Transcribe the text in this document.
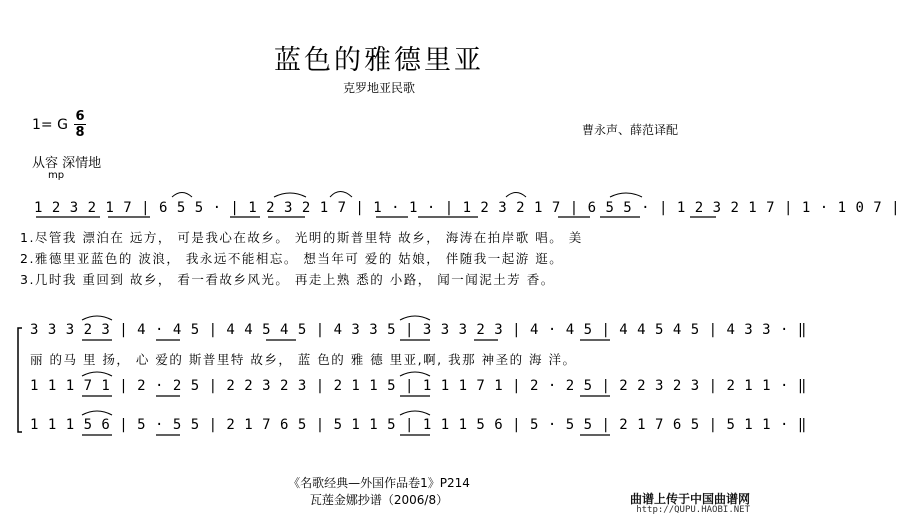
蓝色的雅德里亚
克罗地亚民歌
1= G
6
8	曹永声、薛范译配
从容 深情地
mp
1 2 3 2 1 7 | 6 5 5 · | 1 2 3 2 1 7 | 1 · 1 · | 1 2 3 2 1 7 | 6 5 5 · | 1 2 3 2 1 7 | 1 · 1 0 7 |
1.尽管我 漂泊在 远方， 可是我心在故乡。 光明的斯普里特 故乡， 海涛在拍岸歌 唱。 美
2.雅德里亚蓝色的 波浪， 我永远不能相忘。 想当年可 爱的 姑娘， 伴随我一起游 逛。
3.几时我 重回到 故乡， 看一看故乡风光。 再走上熟 悉的 小路， 闻一闻泥土芳 香。
3 3 3 2 3 | 4 · 4 5 | 4 4 5 4 5 | 4 3 3 5 | 3 3 3 2 3 | 4 · 4 5 | 4 4 5 4 5 | 4 3 3 · ‖
丽 的马 里 扬， 心 爱的 斯普里特 故乡， 蓝 色的 雅 德 里亚,啊, 我那 神圣的 海 洋。
1 1 1 7 1 | 2 · 2 5 | 2 2 3 2 3 | 2 1 1 5 | 1 1 1 7 1 | 2 · 2 5 | 2 2 3 2 3 | 2 1 1 · ‖
1 1 1 5 6 | 5 · 5 5 | 2 1 7 6 5 | 5 1 1 5 | 1 1 1 5 6 | 5 · 5 5 | 2 1 7 6 5 | 5 1 1 · ‖
《名歌经典—外国作品卷1》P214
瓦莲金娜抄谱（2006/8）	曲谱上传于中国曲谱网
http://QUPU.HAOBI.NET
